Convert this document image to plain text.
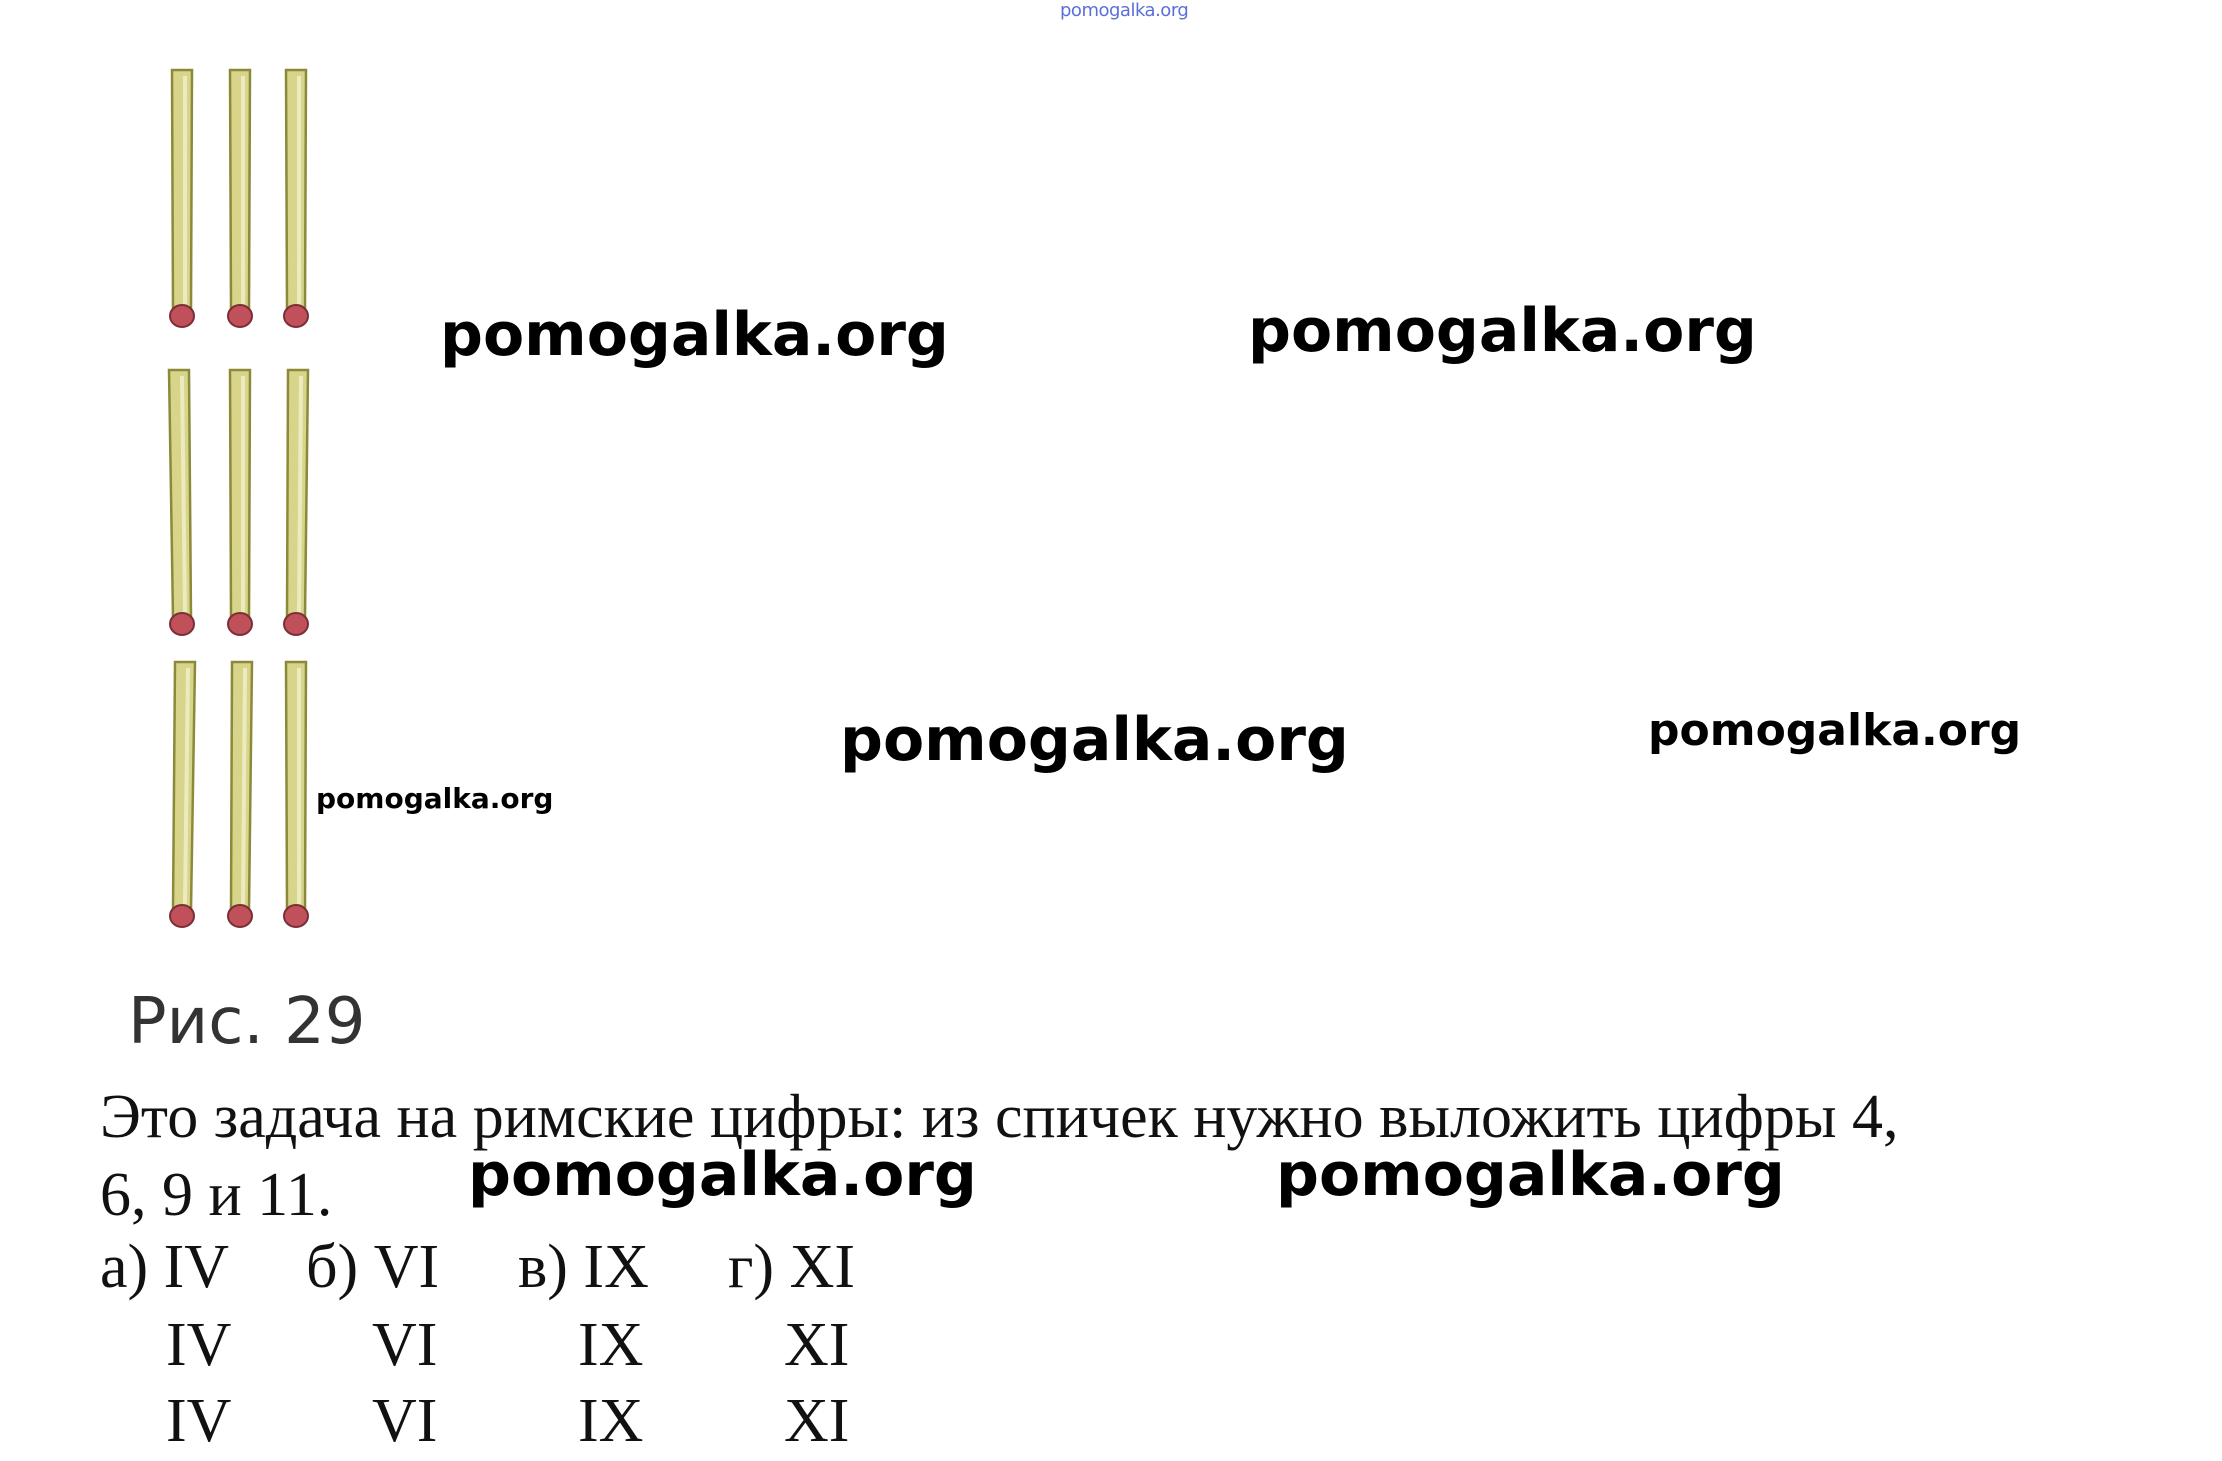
pomogalka.org
pomogalka.org	pomogalka.org
pomogalka.org	pomogalka.org
pomogalka.org
Рис. 29
Это задача на римские цифры: из спичек нужно выложить цифры 4,
6, 9 и 11. pomogalka.org	pomogalka.org
а) IV б) VI в) IX г) XI
IV VI IX XI
IV VI IX XI
